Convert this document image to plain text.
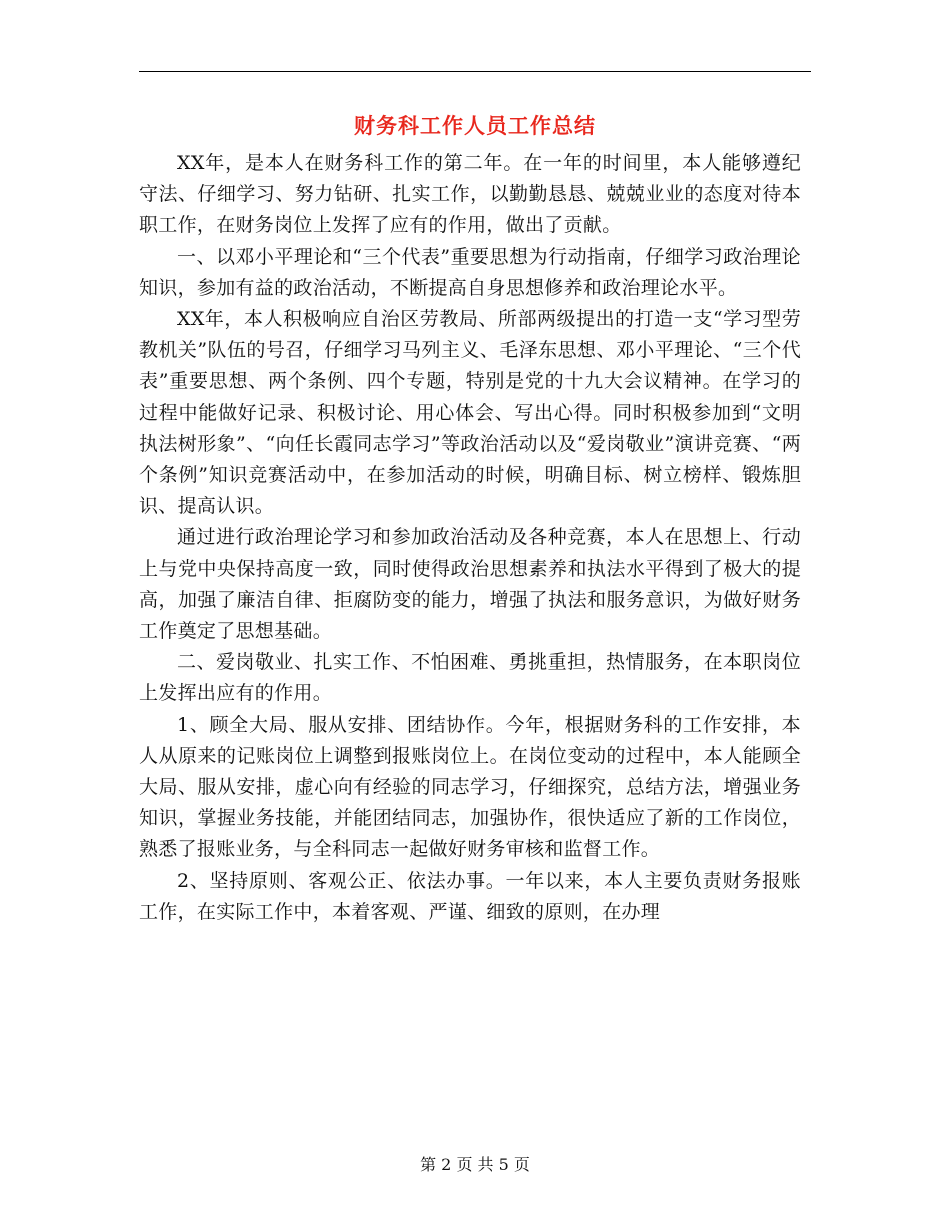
财务科工作人员工作总结

XX年，是本人在财务科工作的第二年。在一年的时间里，本人能够遵纪守法、仔细学习、努力钻研、扎实工作，以勤勤恳恳、兢兢业业的态度对待本职工作，在财务岗位上发挥了应有的作用，做出了贡献。

一、以邓小平理论和“三个代表”重要思想为行动指南，仔细学习政治理论知识，参加有益的政治活动，不断提高自身思想修养和政治理论水平。

XX年，本人积极响应自治区劳教局、所部两级提出的打造一支“学习型劳教机关”队伍的号召，仔细学习马列主义、毛泽东思想、邓小平理论、“三个代表”重要思想、两个条例、四个专题，特别是党的十九大会议精神。在学习的过程中能做好记录、积极讨论、用心体会、写出心得。同时积极参加到“文明执法树形象”、“向任长霞同志学习”等政治活动以及“爱岗敬业”演讲竞赛、“两个条例”知识竞赛活动中，在参加活动的时候，明确目标、树立榜样、锻炼胆识、提高认识。

通过进行政治理论学习和参加政治活动及各种竞赛，本人在思想上、行动上与党中央保持高度一致，同时使得政治思想素养和执法水平得到了极大的提高，加强了廉洁自律、拒腐防变的能力，增强了执法和服务意识，为做好财务工作奠定了思想基础。

二、爱岗敬业、扎实工作、不怕困难、勇挑重担，热情服务，在本职岗位上发挥出应有的作用。

1、顾全大局、服从安排、团结协作。今年，根据财务科的工作安排，本人从原来的记账岗位上调整到报账岗位上。在岗位变动的过程中，本人能顾全大局、服从安排，虚心向有经验的同志学习，仔细探究，总结方法，增强业务知识，掌握业务技能，并能团结同志，加强协作，很快适应了新的工作岗位，熟悉了报账业务，与全科同志一起做好财务审核和监督工作。

2、坚持原则、客观公正、依法办事。一年以来，本人主要负责财务报账工作，在实际工作中，本着客观、严谨、细致的原则，在办理

第 2 页 共 5 页
